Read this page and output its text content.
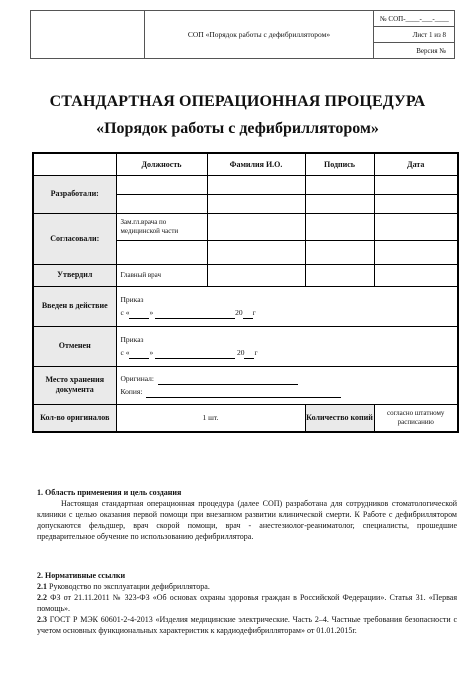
	СОП «Порядок работы с дефибриллятором»	№ СОП-____-___-____
Лист 1 из 8
Версия №
СТАНДАРТНАЯ ОПЕРАЦИОННАЯ ПРОЦЕДУРА
«Порядок работы с дефибриллятором»
	Должность	Фамилия И.О.	Подпись	Дата
Разработали:				

Согласовали:	Зам.гл.врача по медицинской части			

Утвердил	Главный врач			
Введен в действие	Приказ
с « » 20 г			

Отменен	Приказ
с « » 20 г			

Место хранения документа	Оригинал:
Копия:			

Кол-во оригиналов	1 шт.		Количество копий	согласно штатному расписанию
1. Область применения и цель создания
Настоящая стандартная операционная процедура (далее СОП) разработана для сотрудников стоматологической клиники с целью оказания первой помощи при внезапном развитии клинической смерти. К Работе с дефибриллятором допускаются фельдшер, врач скорой помощи, врач - анестезиолог-реаниматолог, специалисты, прошедшие предварительное обучение по использованию дефибриллятора.
2. Нормативные ссылки
2.1 Руководство по эксплуатации дефибриллятора.
2.2 ФЗ от 21.11.2011 № 323-ФЗ «Об основах охраны здоровья граждан в Российской Федерации». Статья 31. «Первая помощь».
2.3 ГОСТ Р МЭК 60601-2-4-2013 «Изделия медицинские электрические. Часть 2–4. Частные требования безопасности с учетом основных функциональных характеристик к кардиодефибрилляторам» от 01.01.2015г.
